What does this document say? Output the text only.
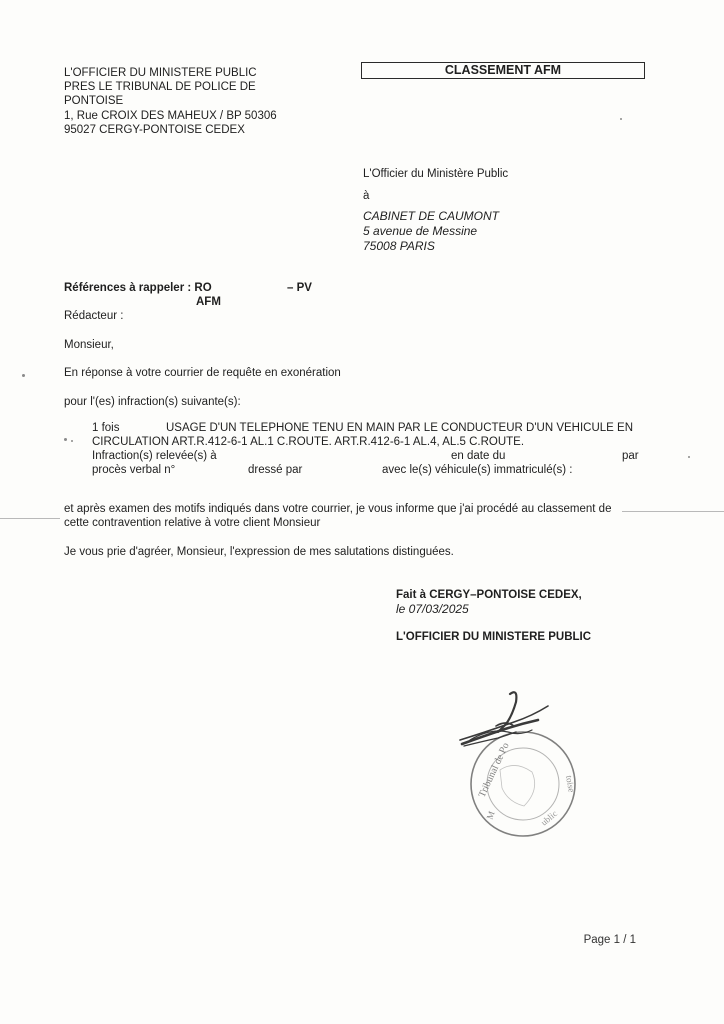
L'OFFICIER DU MINISTERE PUBLIC
PRES LE TRIBUNAL DE POLICE DE
PONTOISE
1, Rue CROIX DES MAHEUX / BP 50306
95027 CERGY-PONTOISE CEDEX
CLASSEMENT AFM
L'Officier du Ministère Public
à
CABINET DE CAUMONT
5 avenue de Messine
75008 PARIS
Références à rappeler : RO	– PV
AFM
Rédacteur :
Monsieur,
En réponse à votre courrier de requête en exonération
pour l'(es) infraction(s) suivante(s):
1 fois	USAGE D'UN TELEPHONE TENU EN MAIN PAR LE CONDUCTEUR D'UN VEHICULE EN
CIRCULATION ART.R.412-6-1 AL.1 C.ROUTE. ART.R.412-6-1 AL.4, AL.5 C.ROUTE.
Infraction(s) relevée(s) à	en date du	par
procès verbal n°	dressé par	avec le(s) véhicule(s) immatriculé(s) :
et après examen des motifs indiqués dans votre courrier, je vous informe que j'ai procédé au classement de
cette contravention relative à votre client Monsieur
Je vous prie d'agréer, Monsieur, l'expression de mes salutations distinguées.
Fait à CERGY–PONTOISE CEDEX,
le 07/03/2025
L'OFFICIER DU MINISTERE PUBLIC
M
Tribunal de Po	toise
ublic
Page 1 / 1
